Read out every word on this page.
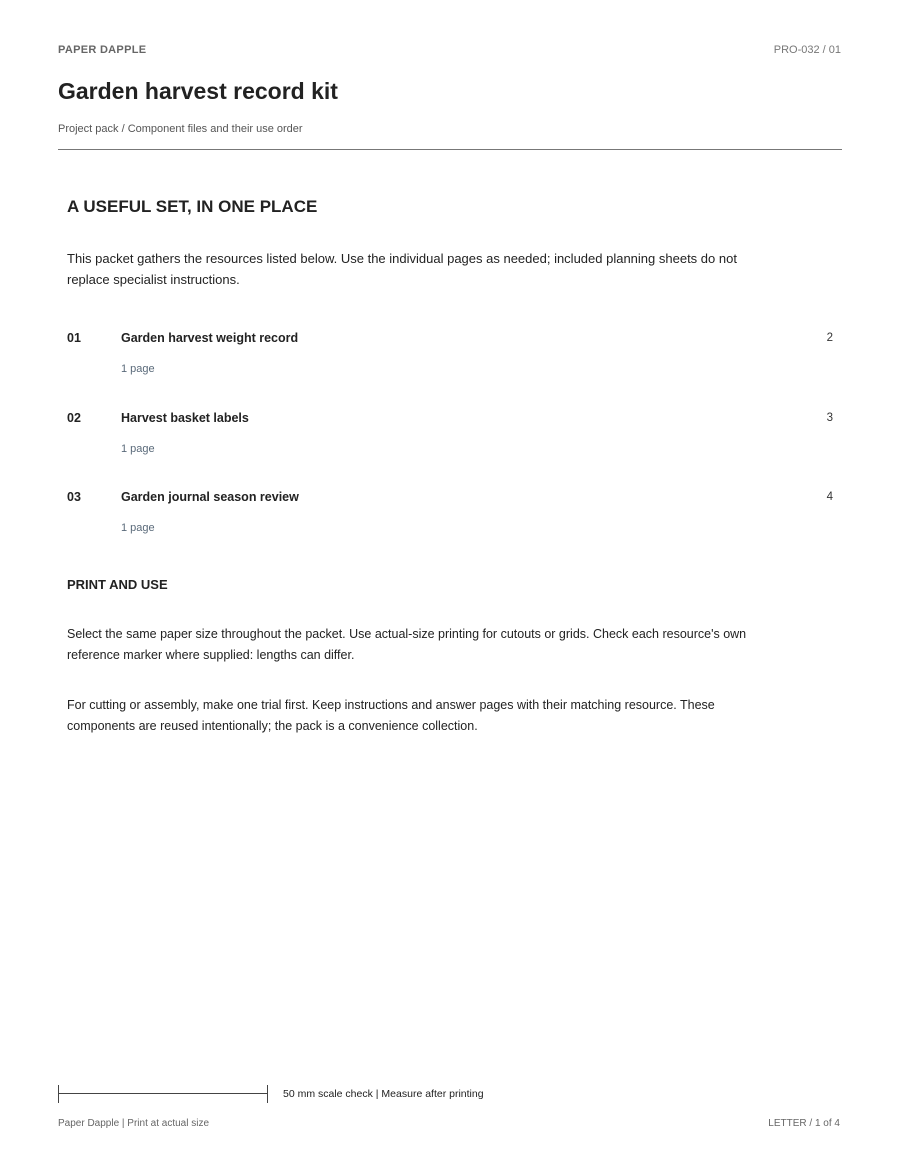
PAPER DAPPLE	PRO-032 / 01
Garden harvest record kit
Project pack / Component files and their use order
A USEFUL SET, IN ONE PLACE

This packet gathers the resources listed below. Use the individual pages as needed; included planning sheets do not replace specialist instructions.

01	Garden harvest weight record	2
1 page
02	Harvest basket labels	3
1 page
03	Garden journal season review	4
1 page
PRINT AND USE

Select the same paper size throughout the packet. Use actual-size printing for cutouts or grids. Check each resource's own reference marker where supplied: lengths can differ.

For cutting or assembly, make one trial first. Keep instructions and answer pages with their matching resource. These components are reused intentionally; the pack is a convenience collection.

50 mm scale check | Measure after printing
Paper Dapple | Print at actual size	LETTER / 1 of 4
